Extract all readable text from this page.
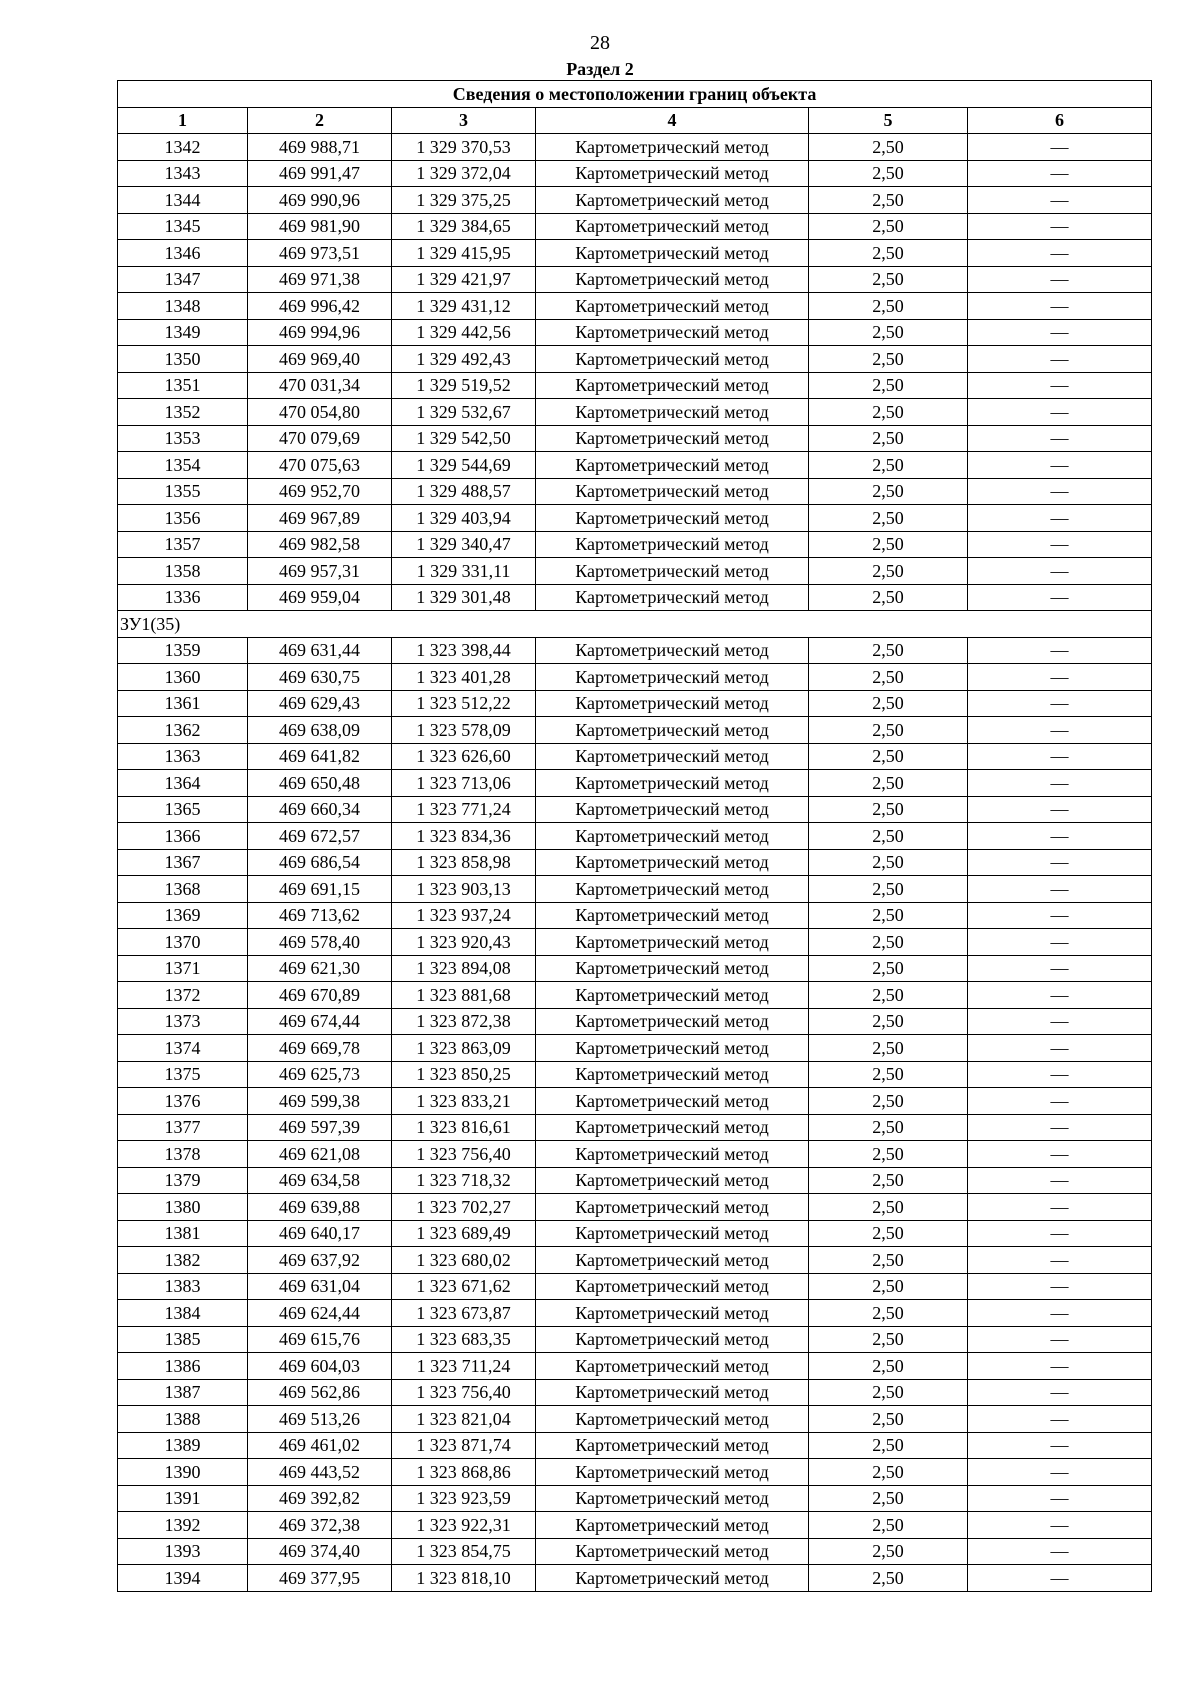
28
Раздел 2
Сведения о местоположении границ объекта					
1	2	3	4	5	6
1342	469 988,71	1 329 370,53	Картометрический метод	2,50	—
1343	469 991,47	1 329 372,04	Картометрический метод	2,50	—
1344	469 990,96	1 329 375,25	Картометрический метод	2,50	—
1345	469 981,90	1 329 384,65	Картометрический метод	2,50	—
1346	469 973,51	1 329 415,95	Картометрический метод	2,50	—
1347	469 971,38	1 329 421,97	Картометрический метод	2,50	—
1348	469 996,42	1 329 431,12	Картометрический метод	2,50	—
1349	469 994,96	1 329 442,56	Картометрический метод	2,50	—
1350	469 969,40	1 329 492,43	Картометрический метод	2,50	—
1351	470 031,34	1 329 519,52	Картометрический метод	2,50	—
1352	470 054,80	1 329 532,67	Картометрический метод	2,50	—
1353	470 079,69	1 329 542,50	Картометрический метод	2,50	—
1354	470 075,63	1 329 544,69	Картометрический метод	2,50	—
1355	469 952,70	1 329 488,57	Картометрический метод	2,50	—
1356	469 967,89	1 329 403,94	Картометрический метод	2,50	—
1357	469 982,58	1 329 340,47	Картометрический метод	2,50	—
1358	469 957,31	1 329 331,11	Картометрический метод	2,50	—
1336	469 959,04	1 329 301,48	Картометрический метод	2,50	—
ЗУ1(35)					
1359	469 631,44	1 323 398,44	Картометрический метод	2,50	—
1360	469 630,75	1 323 401,28	Картометрический метод	2,50	—
1361	469 629,43	1 323 512,22	Картометрический метод	2,50	—
1362	469 638,09	1 323 578,09	Картометрический метод	2,50	—
1363	469 641,82	1 323 626,60	Картометрический метод	2,50	—
1364	469 650,48	1 323 713,06	Картометрический метод	2,50	—
1365	469 660,34	1 323 771,24	Картометрический метод	2,50	—
1366	469 672,57	1 323 834,36	Картометрический метод	2,50	—
1367	469 686,54	1 323 858,98	Картометрический метод	2,50	—
1368	469 691,15	1 323 903,13	Картометрический метод	2,50	—
1369	469 713,62	1 323 937,24	Картометрический метод	2,50	—
1370	469 578,40	1 323 920,43	Картометрический метод	2,50	—
1371	469 621,30	1 323 894,08	Картометрический метод	2,50	—
1372	469 670,89	1 323 881,68	Картометрический метод	2,50	—
1373	469 674,44	1 323 872,38	Картометрический метод	2,50	—
1374	469 669,78	1 323 863,09	Картометрический метод	2,50	—
1375	469 625,73	1 323 850,25	Картометрический метод	2,50	—
1376	469 599,38	1 323 833,21	Картометрический метод	2,50	—
1377	469 597,39	1 323 816,61	Картометрический метод	2,50	—
1378	469 621,08	1 323 756,40	Картометрический метод	2,50	—
1379	469 634,58	1 323 718,32	Картометрический метод	2,50	—
1380	469 639,88	1 323 702,27	Картометрический метод	2,50	—
1381	469 640,17	1 323 689,49	Картометрический метод	2,50	—
1382	469 637,92	1 323 680,02	Картометрический метод	2,50	—
1383	469 631,04	1 323 671,62	Картометрический метод	2,50	—
1384	469 624,44	1 323 673,87	Картометрический метод	2,50	—
1385	469 615,76	1 323 683,35	Картометрический метод	2,50	—
1386	469 604,03	1 323 711,24	Картометрический метод	2,50	—
1387	469 562,86	1 323 756,40	Картометрический метод	2,50	—
1388	469 513,26	1 323 821,04	Картометрический метод	2,50	—
1389	469 461,02	1 323 871,74	Картометрический метод	2,50	—
1390	469 443,52	1 323 868,86	Картометрический метод	2,50	—
1391	469 392,82	1 323 923,59	Картометрический метод	2,50	—
1392	469 372,38	1 323 922,31	Картометрический метод	2,50	—
1393	469 374,40	1 323 854,75	Картометрический метод	2,50	—
1394	469 377,95	1 323 818,10	Картометрический метод	2,50	—
